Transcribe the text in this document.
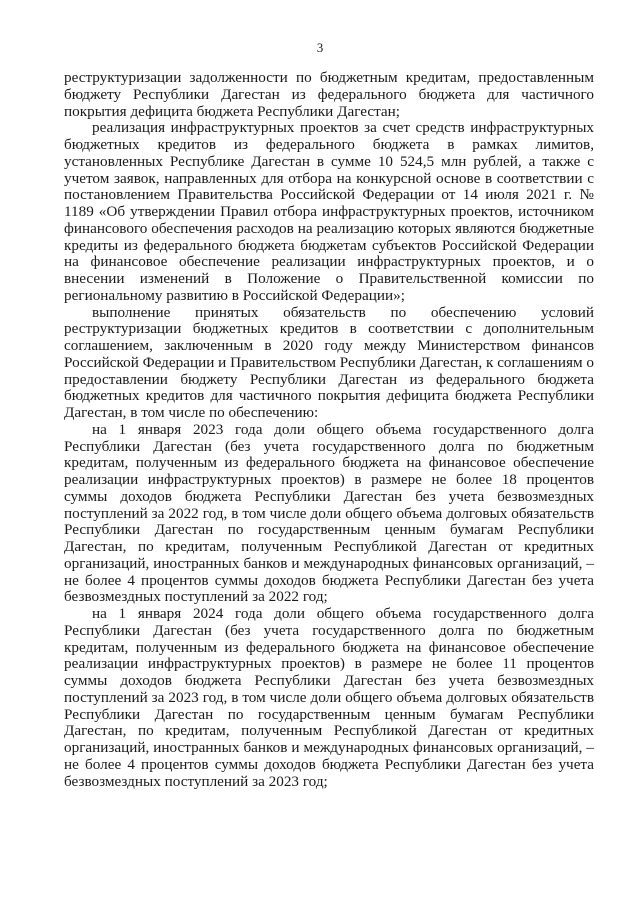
3

реструктуризации задолженности по бюджетным кредитам, предоставленным бюджету Республики Дагестан из федерального бюджета для частичного покрытия дефицита бюджета Республики Дагестан;

реализация инфраструктурных проектов за счет средств инфраструктурных бюджетных кредитов из федерального бюджета в рамках лимитов, установленных Республике Дагестан в сумме 10 524,5 млн рублей, а также с учетом заявок, направленных для отбора на конкурсной основе в соответствии с постановлением Правительства Российской Федерации от 14 июля 2021 г. № 1189 «Об утверждении Правил отбора инфраструктурных проектов, источником финансового обеспечения расходов на реализацию которых являются бюджетные кредиты из федерального бюджета бюджетам субъектов Российской Федерации на финансовое обеспечение реализации инфраструктурных проектов, и о внесении изменений в Положение о Правительственной комиссии по региональному развитию в Российской Федерации»;

выполнение принятых обязательств по обеспечению условий реструктуризации бюджетных кредитов в соответствии с дополнительным соглашением, заключенным в 2020 году между Министерством финансов Российской Федерации и Правительством Республики Дагестан, к соглашениям о предоставлении бюджету Республики Дагестан из федерального бюджета бюджетных кредитов для частичного покрытия дефицита бюджета Республики Дагестан, в том числе по обеспечению:

на 1 января 2023 года доли общего объема государственного долга Республики Дагестан (без учета государственного долга по бюджетным кредитам, полученным из федерального бюджета на финансовое обеспечение реализации инфраструктурных проектов) в размере не более 18 процентов суммы доходов бюджета Республики Дагестан без учета безвозмездных поступлений за 2022 год, в том числе доли общего объема долговых обязательств Республики Дагестан по государственным ценным бумагам Республики Дагестан, по кредитам, полученным Республикой Дагестан от кредитных организаций, иностранных банков и международных финансовых организаций, – не более 4 процентов суммы доходов бюджета Республики Дагестан без учета безвозмездных поступлений за 2022 год;

на 1 января 2024 года доли общего объема государственного долга Республики Дагестан (без учета государственного долга по бюджетным кредитам, полученным из федерального бюджета на финансовое обеспечение реализации инфраструктурных проектов) в размере не более 11 процентов суммы доходов бюджета Республики Дагестан без учета безвозмездных поступлений за 2023 год, в том числе доли общего объема долговых обязательств Республики Дагестан по государственным ценным бумагам Республики Дагестан, по кредитам, полученным Республикой Дагестан от кредитных организаций, иностранных банков и международных финансовых организаций, – не более 4 процентов суммы доходов бюджета Республики Дагестан без учета безвозмездных поступлений за 2023 год;
